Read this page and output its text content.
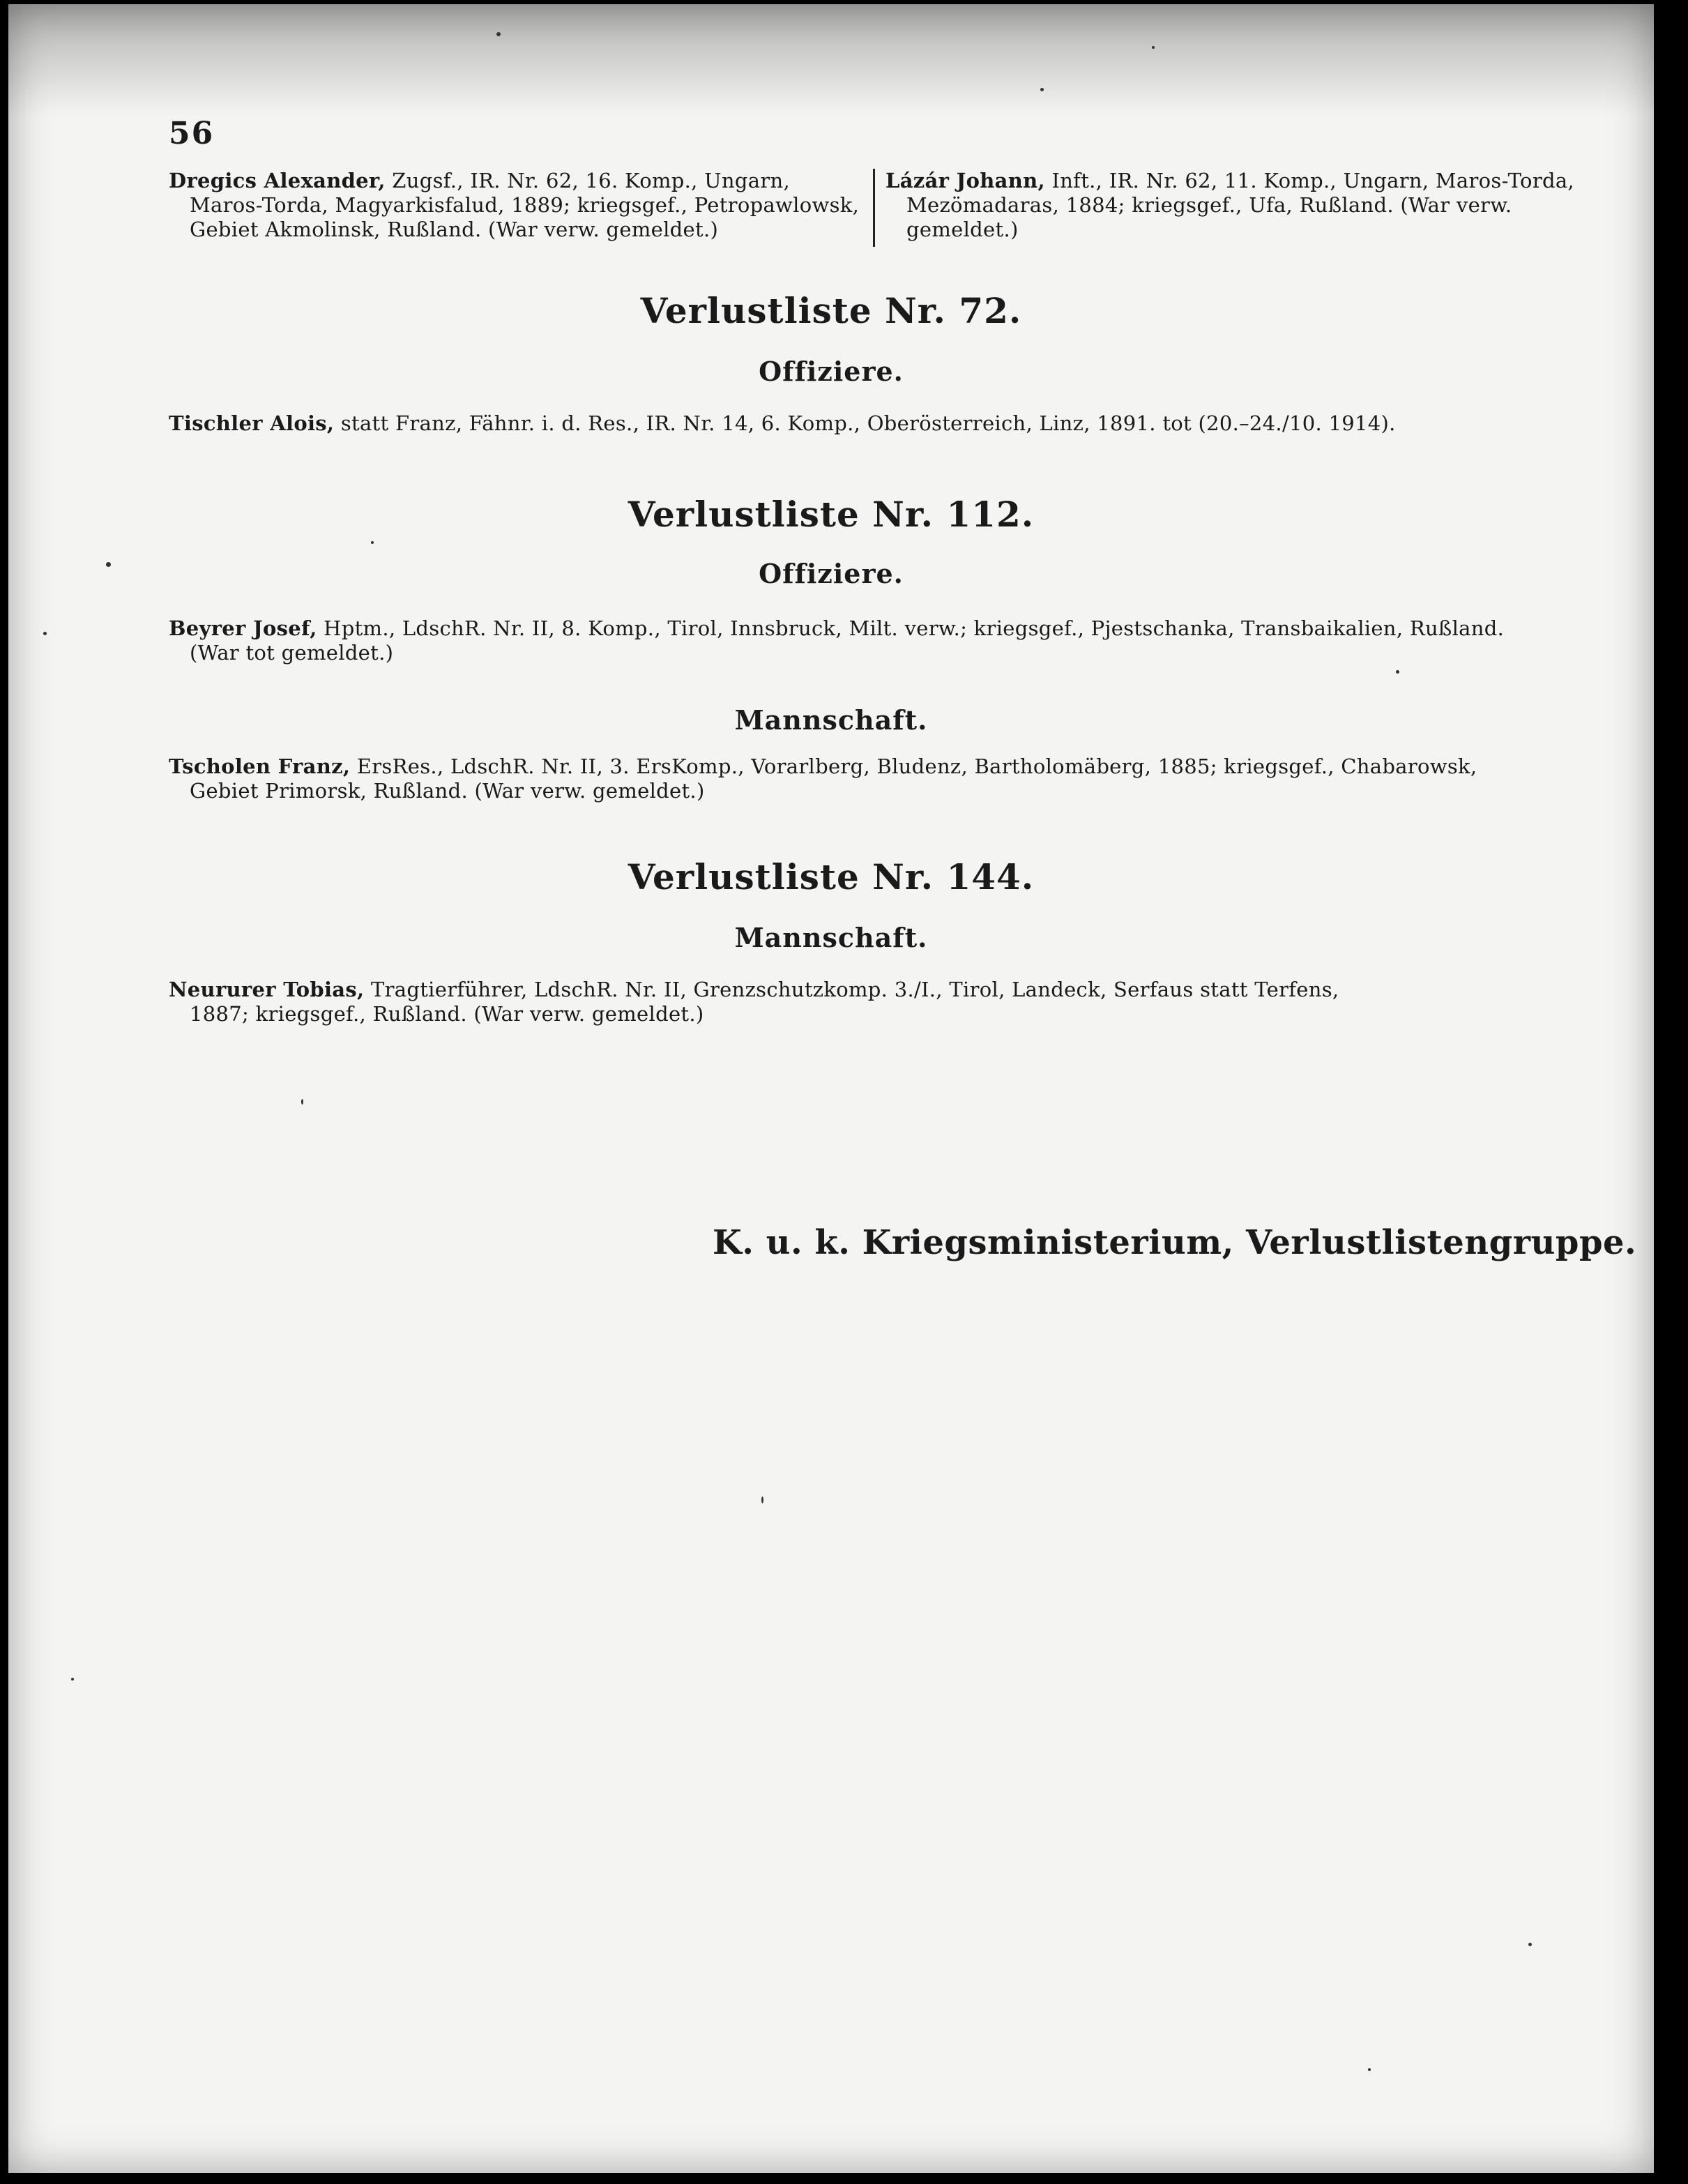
56
Dregics Alexander, Zugsf., IR. Nr. 62, 16. Komp., Ungarn,
Maros-Torda, Magyarkisfalud, 1889; kriegsgef., Petropawlowsk,
Gebiet Akmolinsk, Rußland. (War verw. gemeldet.)
Lázár Johann, Inft., IR. Nr. 62, 11. Komp., Ungarn, Maros-Torda,
Mezömadaras, 1884; kriegsgef., Ufa, Rußland. (War verw.
gemeldet.)
Verlustliste Nr. 72.
Offiziere.
Tischler Alois, statt Franz, Fähnr. i. d. Res., IR. Nr. 14, 6. Komp., Oberösterreich, Linz, 1891. tot (20.–24./10. 1914).
Verlustliste Nr. 112.
Offiziere.
Beyrer Josef, Hptm., LdschR. Nr. II, 8. Komp., Tirol, Innsbruck, Milt. verw.; kriegsgef., Pjestschanka, Transbaikalien, Rußland.
(War tot gemeldet.)
Mannschaft.
Tscholen Franz, ErsRes., LdschR. Nr. II, 3. ErsKomp., Vorarlberg, Bludenz, Bartholomäberg, 1885; kriegsgef., Chabarowsk,
Gebiet Primorsk, Rußland. (War verw. gemeldet.)
Verlustliste Nr. 144.
Mannschaft.
Neururer Tobias, Tragtierführer, LdschR. Nr. II, Grenzschutzkomp. 3./I., Tirol, Landeck, Serfaus statt Terfens,
1887; kriegsgef., Rußland. (War verw. gemeldet.)
K. u. k. Kriegsministerium, Verlustlistengruppe.
